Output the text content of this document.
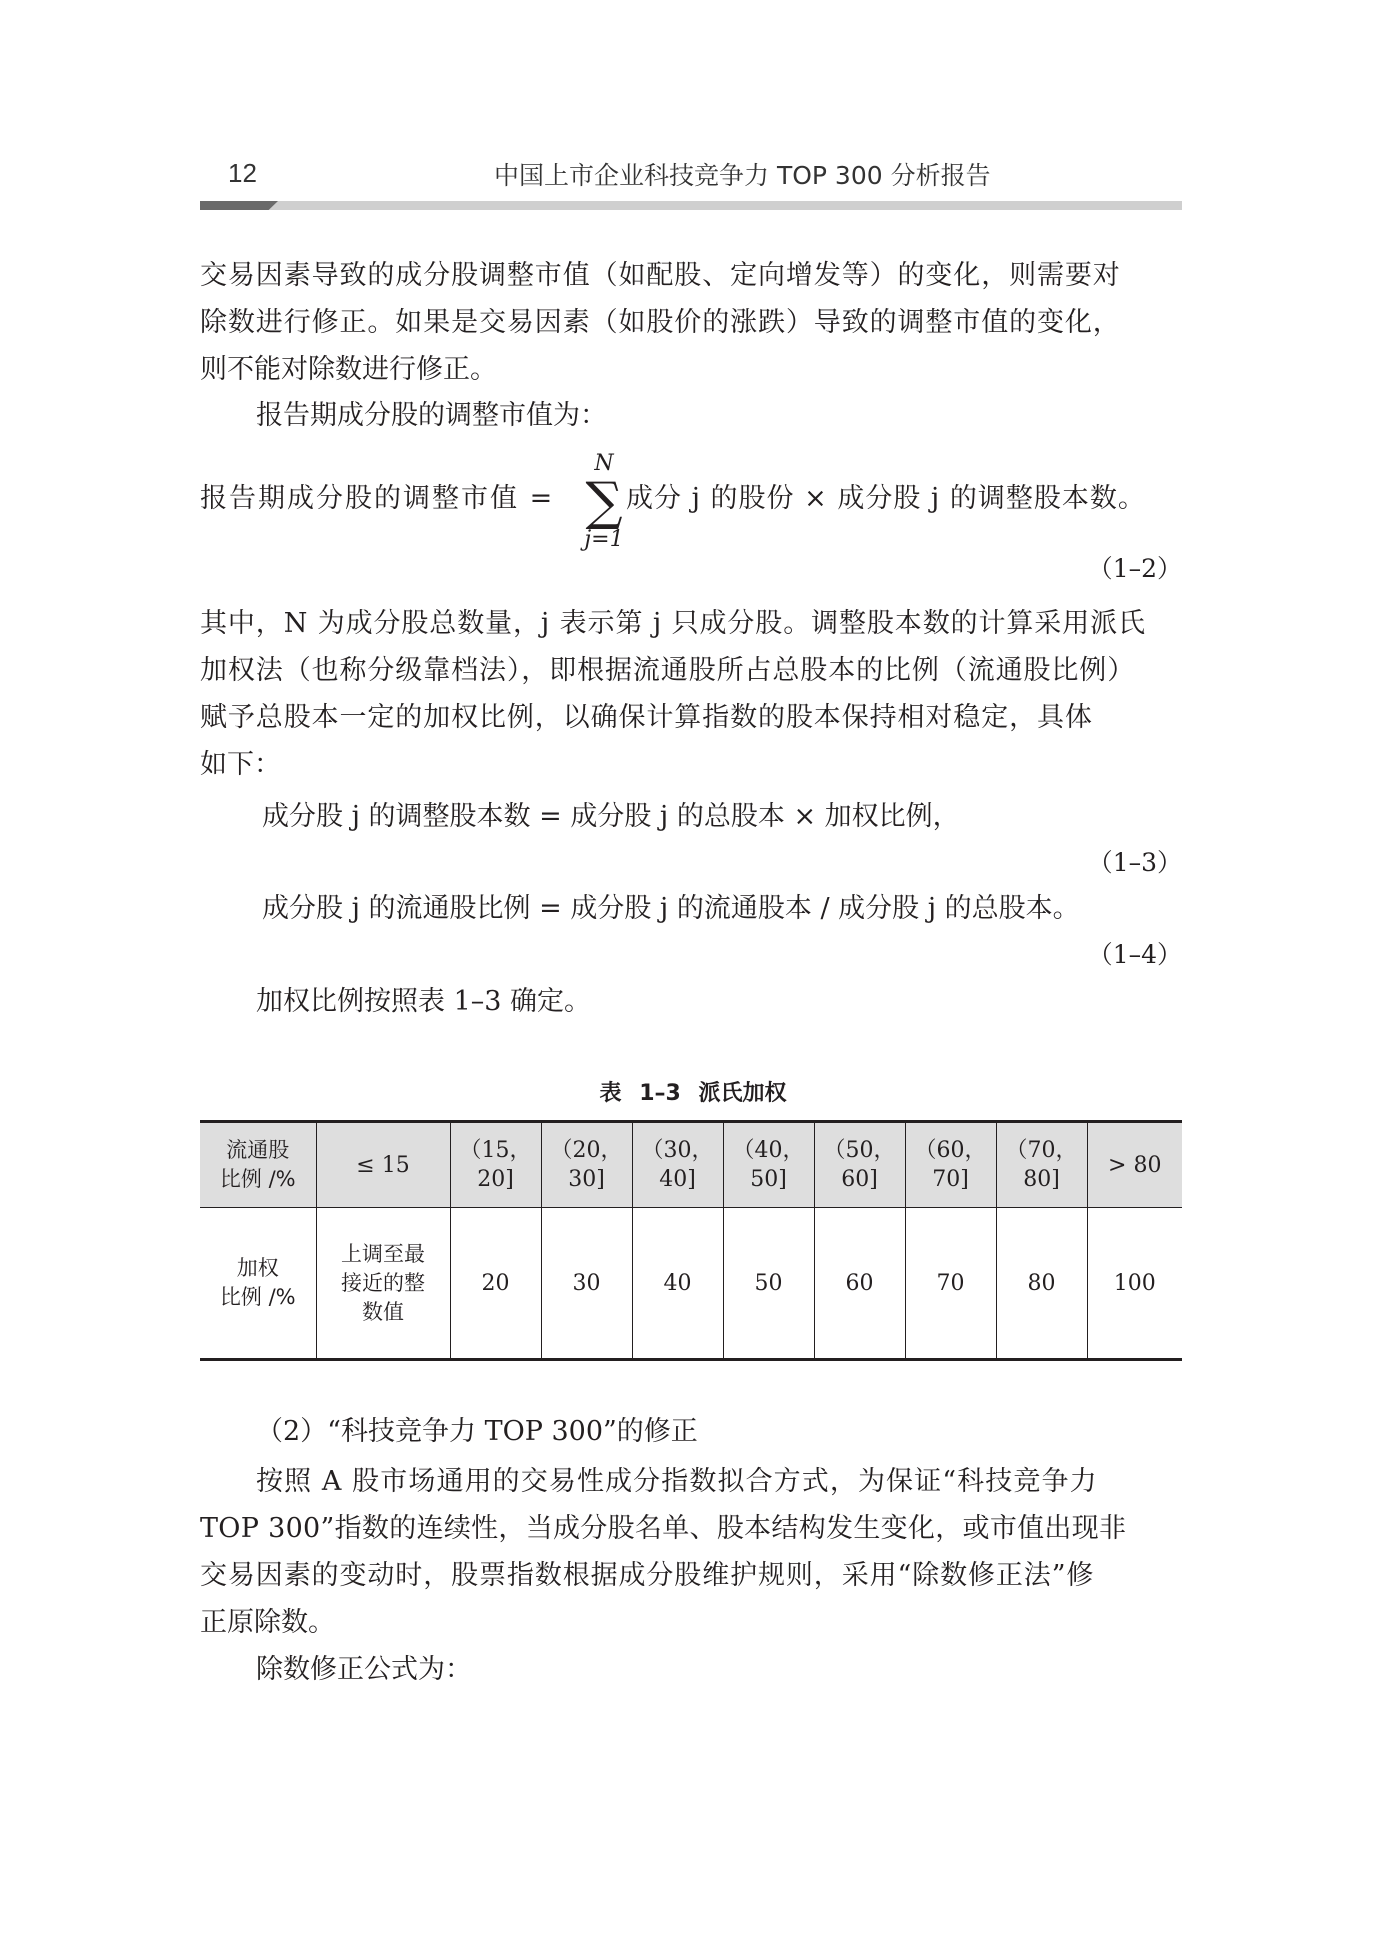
12	中国上市企业科技竞争力 TOP 300 分析报告
交易因素导致的成分股调整市值（如配股、定向增发等）的变化，则需要对
除数进行修正。如果是交易因素（如股价的涨跌）导致的调整市值的变化，
则不能对除数进行修正。
报告期成分股的调整市值为：
报告期成分股的调整市值 =
N
∑
j=1
成分 j 的股份 × 成分股 j 的调整股本数。
（1–2）
其中，N 为成分股总数量，j 表示第 j 只成分股。调整股本数的计算采用派氏
加权法（也称分级靠档法），即根据流通股所占总股本的比例（流通股比例）
赋予总股本一定的加权比例，以确保计算指数的股本保持相对稳定，具体
如下：
成分股 j 的调整股本数 = 成分股 j 的总股本 × 加权比例，
（1–3）
成分股 j 的流通股比例 = 成分股 j 的流通股本 / 成分股 j 的总股本。
（1–4）
加权比例按照表 1–3 确定。
表 1–3 派氏加权
流通股
比例 /%	≤ 15	（15，
20]	（20，
30]	（30，
40]	（40，
50]	（50，
60]	（60，
70]	（70，
80]	> 80
加权
比例 /%	上调至最
接近的整
数值	20	30	40	50	60	70	80	100
（2）“科技竞争力 TOP 300”的修正
按照 A 股市场通用的交易性成分指数拟合方式，为保证“科技竞争力
TOP 300”指数的连续性，当成分股名单、股本结构发生变化，或市值出现非
交易因素的变动时，股票指数根据成分股维护规则，采用“除数修正法”修
正原除数。
除数修正公式为：
